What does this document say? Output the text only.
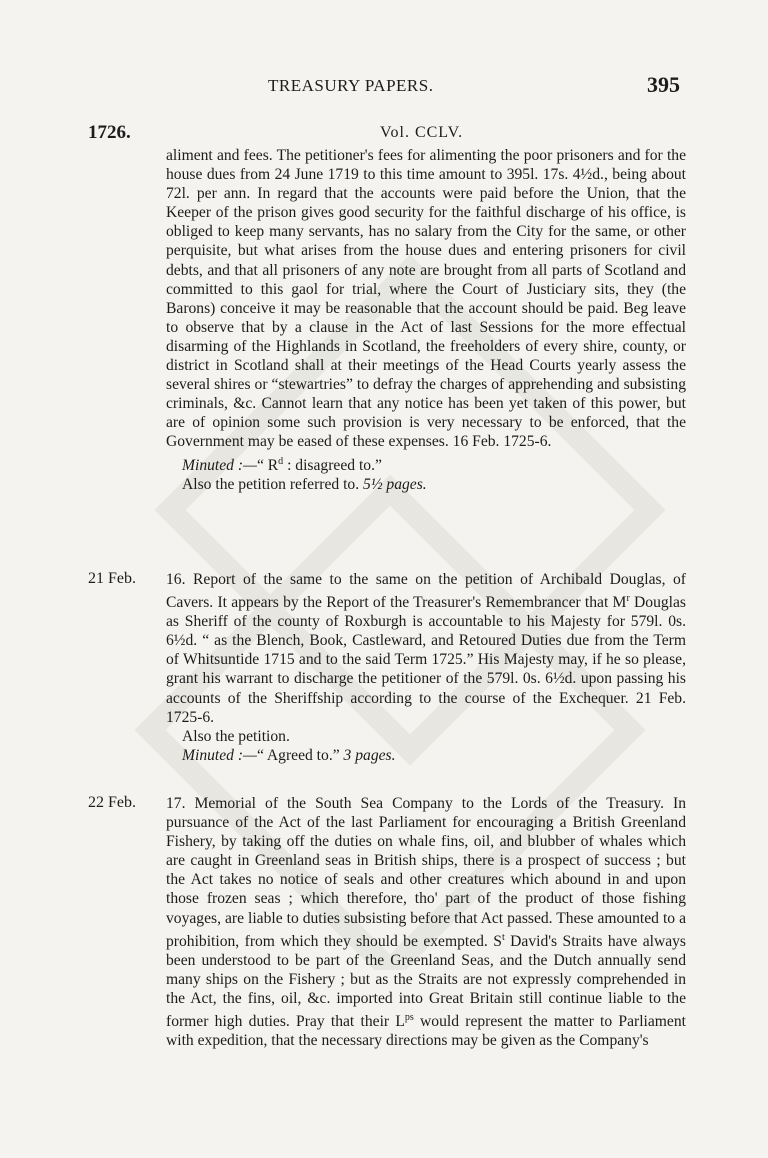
TREASURY PAPERS.	395
1726.	Vol. CCLV.

aliment and fees. The petitioner's fees for alimenting the poor prisoners and for the house dues from 24 June 1719 to this time amount to 395l. 17s. 4½d., being about 72l. per ann. In regard that the accounts were paid before the Union, that the Keeper of the prison gives good security for the faithful discharge of his office, is obliged to keep many servants, has no salary from the City for the same, or other perquisite, but what arises from the house dues and entering prisoners for civil debts, and that all prisoners of any note are brought from all parts of Scotland and committed to this gaol for trial, where the Court of Justiciary sits, they (the Barons) conceive it may be reasonable that the account should be paid. Beg leave to observe that by a clause in the Act of last Sessions for the more effectual disarming of the Highlands in Scotland, the freeholders of every shire, county, or district in Scotland shall at their meetings of the Head Courts yearly assess the several shires or “stewartries” to defray the charges of apprehending and subsisting criminals, &c. Cannot learn that any notice has been yet taken of this power, but are of opinion some such provision is very necessary to be enforced, that the Government may be eased of these expenses. 16 Feb. 1725-6.

Minuted :—“ $R^d$ : disagreed to.”

Also the petition referred to. 5½ pages.

21 Feb. 16. Report of the same to the same on the petition of Archibald Douglas, of Cavers. It appears by the Report of the Treasurer's Remembrancer that $M^r$ Douglas as Sheriff of the county of Roxburgh is accountable to his Majesty for 579l. 0s. 6½d. “ as the Blench, Book, Castleward, and Retoured Duties due from the Term of Whitsuntide 1715 and to the said Term 1725.” His Majesty may, if he so please, grant his warrant to discharge the petitioner of the 579l. 0s. 6½d. upon passing his accounts of the Sheriffship according to the course of the Exchequer. 21 Feb. 1725-6.

Also the petition.

Minuted :—“ Agreed to.” 3 pages.

22 Feb. 17. Memorial of the South Sea Company to the Lords of the Treasury. In pursuance of the Act of the last Parliament for encouraging a British Greenland Fishery, by taking off the duties on whale fins, oil, and blubber of whales which are caught in Greenland seas in British ships, there is a prospect of success ; but the Act takes no notice of seals and other creatures which abound in and upon those frozen seas ; which therefore, tho' part of the product of those fishing voyages, are liable to duties subsisting before that Act passed. These amounted to a prohibition, from which they should be exempted. $S^t$ David's Straits have always been understood to be part of the Greenland Seas, and the Dutch annually send many ships on the Fishery ; but as the Straits are not expressly comprehended in the Act, the fins, oil, &c. imported into Great Britain still continue liable to the former high duties. Pray that their $L^{ps}$ would represent the matter to Parliament with expedition, that the necessary directions may be given as the Company's
